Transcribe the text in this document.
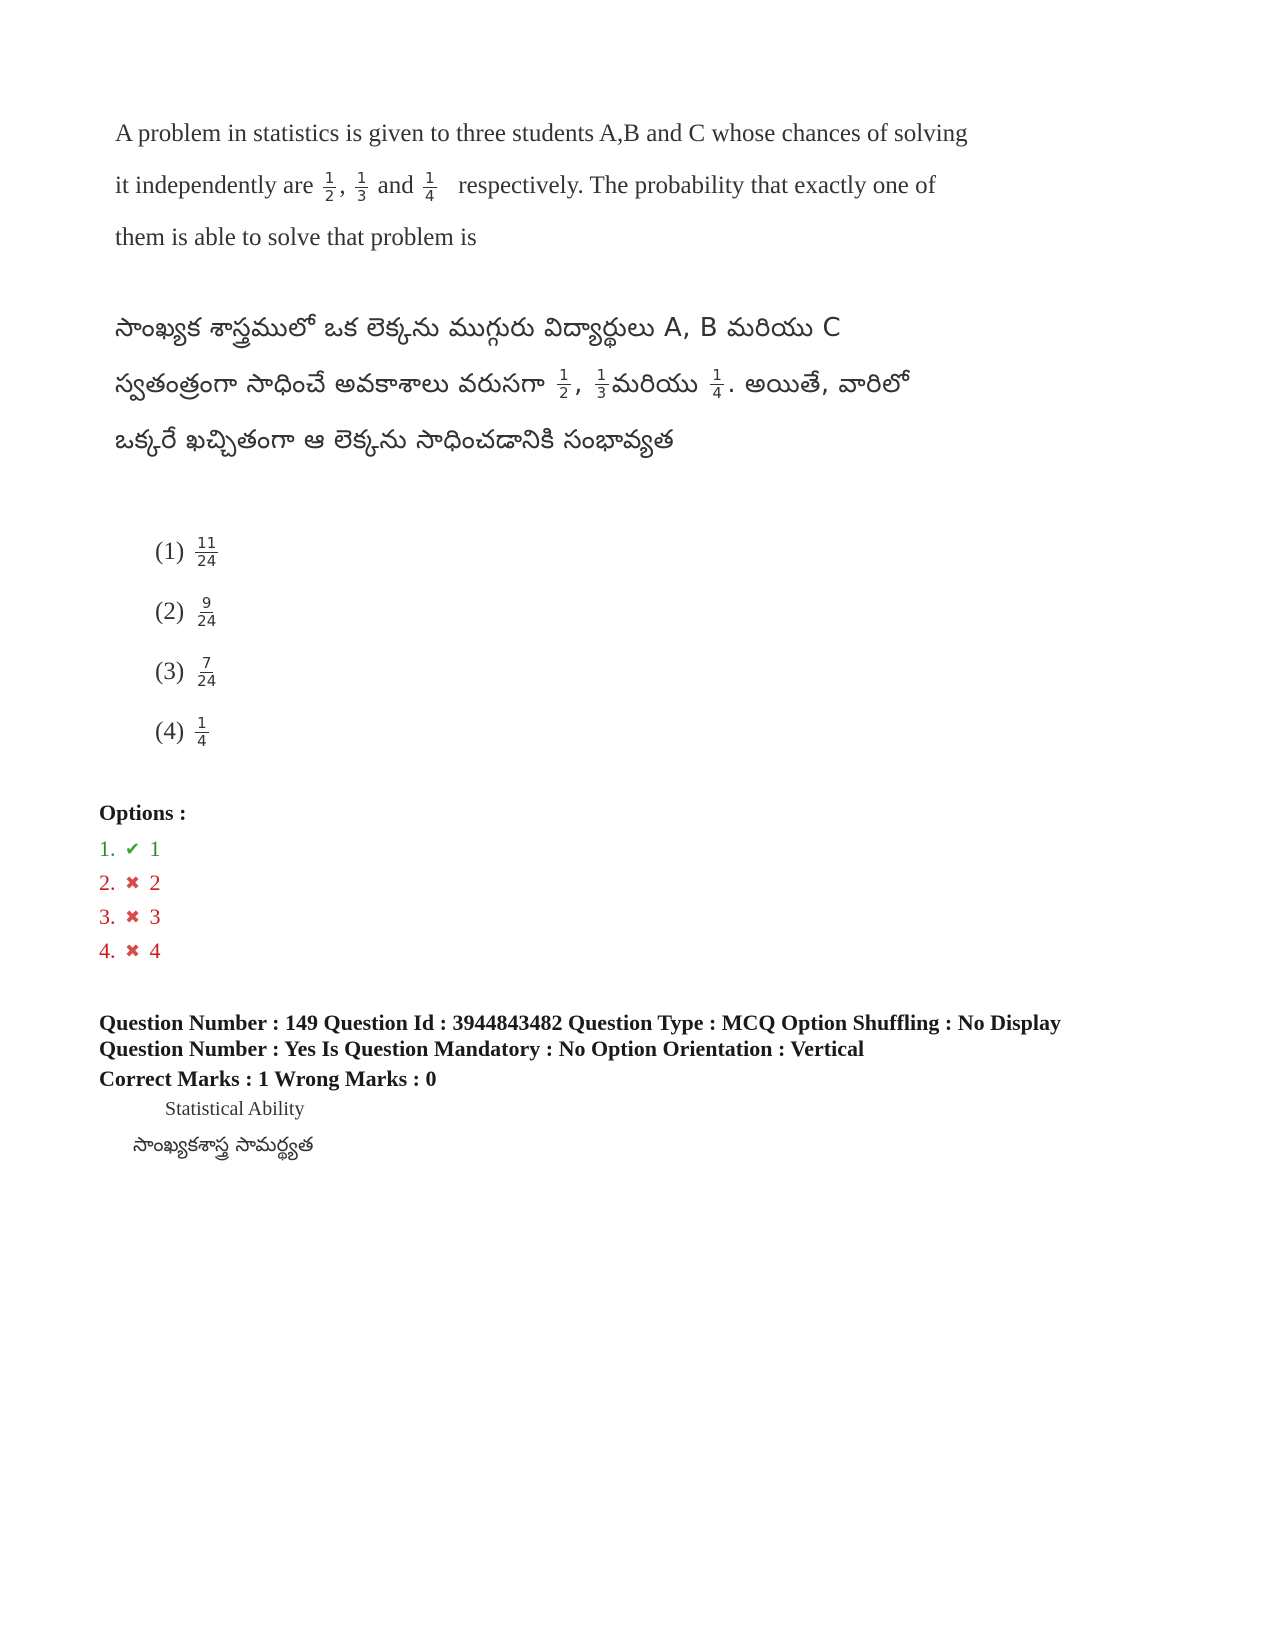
A problem in statistics is given to three students A,B and C whose chances of solving
it independently are $\frac{1}{2}$ , $\frac{1}{3}$ and $\frac{1}{4}$ respectively. The probability that exactly one of
them is able to solve that problem is
సాంఖ్యక శాస్త్రములో ఒక లెక్కను ముగ్గురు విద్యార్థులు A, B మరియు C
స్వతంత్రంగా సాధించే అవకాశాలు వరుసగా $\frac{1}{2}$ , $\frac{1}{3}$ మరియు $\frac{1}{4}$ . అయితే, వారిలో
ఒక్కరే ఖచ్చితంగా ఆ లెక్కను సాధించడానికి సంభావ్యత
$(1) \frac{11}{24}$
$(2) \frac{9}{24}$
$(3) \frac{7}{24}$
$(4) \frac{1}{4}$
Options :
1. ✔ 1
2. ✖ 2
3. ✖ 3
4. ✖ 4
Question Number : 149 Question Id : 3944843482 Question Type : MCQ Option Shuffling : No Display
Question Number : Yes Is Question Mandatory : No Option Orientation : Vertical
Correct Marks : 1 Wrong Marks : 0
Statistical Ability
సాంఖ్యకశాస్త్ర సామర్థ్యత
